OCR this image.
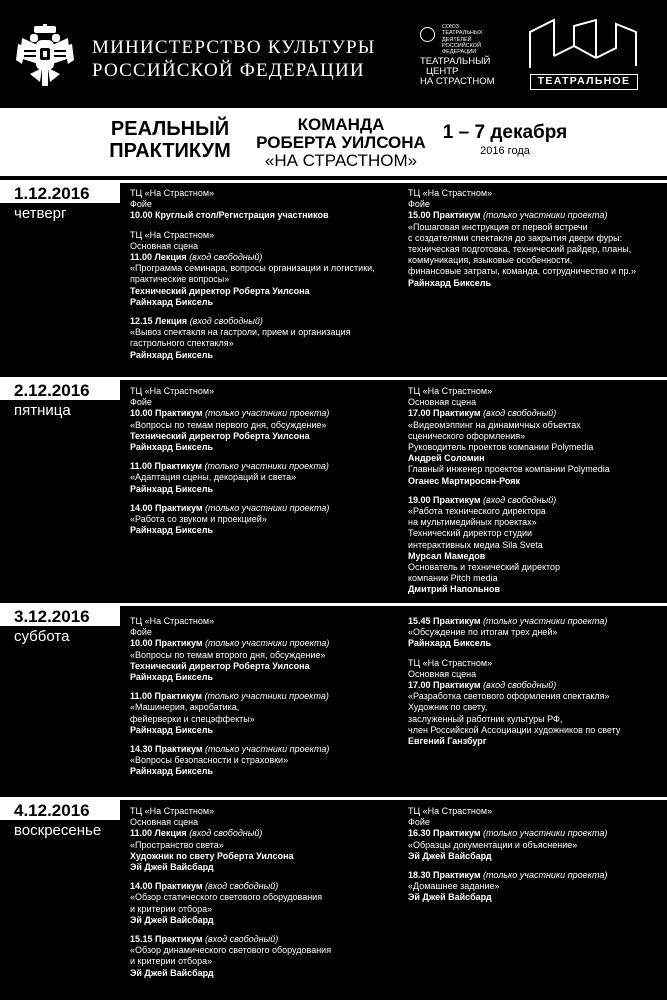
МИНИСТЕРСТВО КУЛЬТУРЫ
РОССИЙСКОЙ ФЕДЕРАЦИИ
СОЮЗ
ТЕАТРАЛЬНЫХ
ДЕЯТЕЛЕЙ
РОССИЙСКОЙ
ФЕДЕРАЦИИ
ТЕАТРАЛЬНЫЙ
ЦЕНТР
НА СТРАСТНОМ	ТЕАТРАЛЬНОЕ
РЕАЛЬНЫЙ
ПРАКТИКУМ
КОМАНДА
РОБЕРТА УИЛСОНА
«НА СТРАСТНОМ»
1 – 7 декабря
2016 года
1.12.2016
четверг
ТЦ «На Страстном»
Фойе
10.00 Круглый стол/Регистрация участников
ТЦ «На Страстном»
Основная сцена
11.00 Лекция (вход свободный)
«Программа семинара, вопросы организации и логистики,
практические вопросы»
Технический директор Роберта Уилсона
Райнхард Биксель
12.15 Лекция (вход свободный)
«Вывоз спектакля на гастроли, прием и организация
гастрольного спектакля»
Райнхард Биксель
ТЦ «На Страстном»
Фойе
15.00 Практикум (только участники проекта)
«Пошаговая инструкция от первой встречи
с создателями спектакля до закрытия двери фуры:
техническая подготовка, технический райдер, планы,
коммуникация, языковые особенности,
финансовые затраты, команда, сотрудничество и пр.»
Райнхард Биксель
2.12.2016
пятница
ТЦ «На Страстном»
Фойе
10.00 Практикум (только участники проекта)
«Вопросы по темам первого дня, обсуждение»
Технический директор Роберта Уилсона
Райнхард Биксель
11.00 Практикум (только участники проекта)
«Адаптация сцены, декораций и света»
Райнхард Биксель
14.00 Практикум (только участники проекта)
«Работа со звуком и проекцией»
Райнхард Биксель
ТЦ «На Страстном»
Основная сцена
17.00 Практикум (вход свободный)
«Видеомэппинг на динамичных объектах
сценического оформления»
Руководитель проектов компании Polymedia
Андрей Соломин
Главный инженер проектов компании Polymedia
Оганес Мартиросян-Рояк
19.00 Практикум (вход свободный)
«Работа технического директора
на мультимедийных проектах»
Технический директор студии
интерактивных медиа Sila Sveta
Мурсал Мамедов
Основатель и технический директор
компании Pitch media
Дмитрий Напольнов
3.12.2016
суббота
ТЦ «На Страстном»
Фойе
10.00 Практикум (только участники проекта)
«Вопросы по темам второго дня, обсуждение»
Технический директор Роберта Уилсона
Райнхард Биксель
11.00 Практикум (только участники проекта)
«Машинерия, акробатика,
фейерверки и спецэффекты»
Райнхард Биксель
14.30 Практикум (только участники проекта)
«Вопросы безопасности и страховки»
Райнхард Биксель
15.45 Практикум (только участники проекта)
«Обсуждение по итогам трех дней»
Райнхард Биксель
ТЦ «На Страстном»
Основная сцена
17.00 Практикум (вход свободный)
«Разработка светового оформления спектакля»
Художник по свету,
заслуженный работник культуры РФ,
член Российской Ассоциации художников по свету
Евгений Ганзбург
4.12.2016
воскресенье
ТЦ «На Страстном»
Основная сцена
11.00 Лекция (вход свободный)
«Пространство света»
Художник по свету Роберта Уилсона
Эй Джей Вайсбард
14.00 Практикум (вход свободный)
«Обзор статического светового оборудования
и критерии отбора»
Эй Джей Вайсбард
15.15 Практикум (вход свободный)
«Обзор динамического светового оборудования
и критерии отбора»
Эй Джей Вайсбард
ТЦ «На Страстном»
Фойе
16.30 Практикум (только участники проекта)
«Образцы документации и объяснение»
Эй Джей Вайсбард
18.30 Практикум (только участники проекта)
«Домашнее задание»
Эй Джей Вайсбард
